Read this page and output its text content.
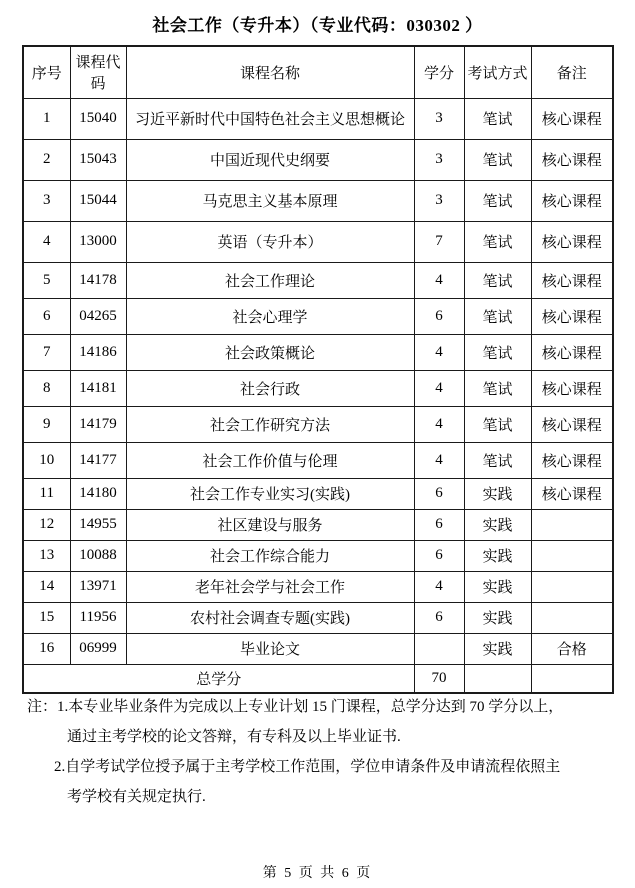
社会工作（专升本）（专业代码：030302 ）
序号	课程代码	课程名称	学分	考试方式	备注
1	15040	习近平新时代中国特色社会主义思想概论	3	笔试	核心课程
2	15043	中国近现代史纲要	3	笔试	核心课程
3	15044	马克思主义基本原理	3	笔试	核心课程
4	13000	英语（专升本）	7	笔试	核心课程
5	14178	社会工作理论	4	笔试	核心课程
6	04265	社会心理学	6	笔试	核心课程
7	14186	社会政策概论	4	笔试	核心课程
8	14181	社会行政	4	笔试	核心课程
9	14179	社会工作研究方法	4	笔试	核心课程
10	14177	社会工作价值与伦理	4	笔试	核心课程
11	14180	社会工作专业实习(实践)	6	实践	核心课程
12	14955	社区建设与服务	6	实践	
13	10088	社会工作综合能力	6	实践	
14	13971	老年社会学与社会工作	4	实践	
15	11956	农村社会调查专题(实践)	6	实践	
16	06999	毕业论文		实践	合格
总学分			70		
注：1.本专业毕业条件为完成以上专业计划 15 门课程，总学分达到 70 学分以上，
通过主考学校的论文答辩，有专科及以上毕业证书.
2.自学考试学位授予属于主考学校工作范围，学位申请条件及申请流程依照主
考学校有关规定执行.
第 5 页 共 6 页
